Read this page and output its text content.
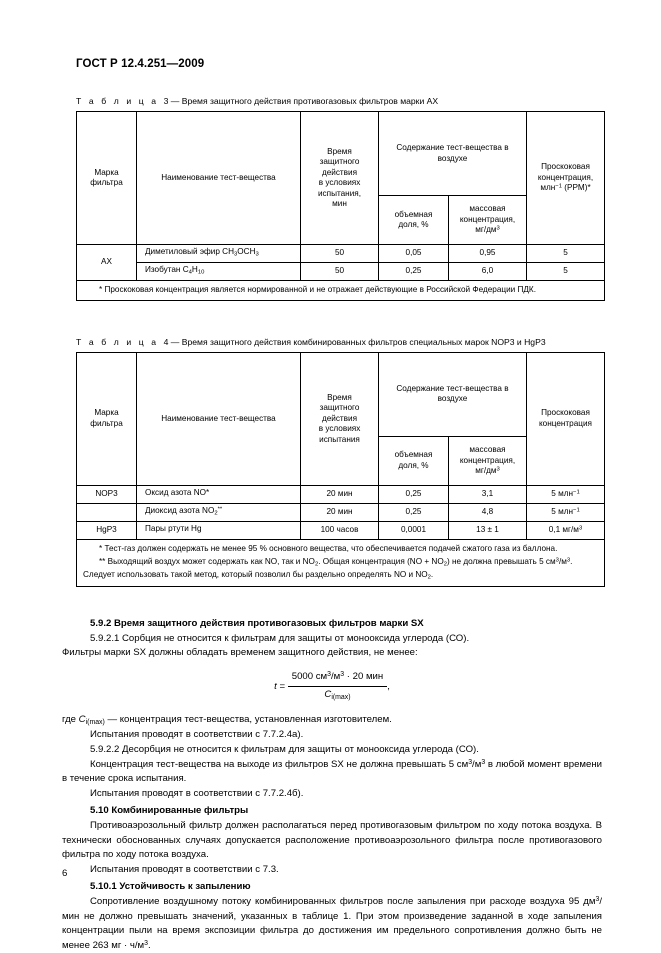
ГОСТ Р 12.4.251—2009
Т а б л и ц а 3 — Время защитного действия противогазовых фильтров марки АХ
Марка
фильтра	Наименование тест-вещества	Время
защитного
действия
в условиях
испытания,
мин	Содержание тест-вещества в воздухе	Проскоковая
концентрация,
млн$^{-1}$ (PPM)*
			объемная
доля, %	массовая
концентрация,
$мг/дм^3$
АХ	Диметиловый эфир $CH_3OCH_3$	50	0,05	0,95	5
	Изобутан $C_4H_{10}$	50	0,25	6,0	5
* Проскоковая концентрация является нормированной и не отражает действующие в Российской Федерации ПДК.					
Т а б л и ц а 4 — Время защитного действия комбинированных фильтров специальных марок NOP3 и HgP3
Марка
фильтра	Наименование тест-вещества	Время
защитного
действия
в условиях
испытания	Содержание тест-вещества в воздухе		Проскоковая
концентрация
			объемная
доля, %	массовая
концентрация,
$мг/дм^3$
NOP3	Оксид азота NO*	20 мин	0,25	3,1	5 млн$^{-1}$
	Диоксид азота $NO_2^{**}$	20 мин	0,25	4,8	5 млн$^{-1}$
HgP3	Пары ртути Hg	100 часов	0,0001	13 ± 1	0,1 $мг/м^3$

* Тест-газ должен содержать не менее 95 % основного вещества, что обеспечивается подачей сжатого газа из баллона.

** Выходящий воздух может содержать как NO, так и $NO_2$. Общая концентрация $(NO + NO_2)$ не должна превышать 5 $см^3/м^3$. Следует использовать такой метод, который позволил бы раздельно определять NO и $NO_2$.					

5.9.2 Время защитного действия противогазовых фильтров марки SX

5.9.2.1 Сорбция не относится к фильтрам для защиты от монооксида углерода (СО).

Фильтры марки SX должны обладать временем защитного действия, не менее:

$t = \frac{5000 см^3/м^3 \cdot 20 мин}{C_{i(max)}}$ ,

где $C_{i(max)}$ — концентрация тест-вещества, установленная изготовителем.

Испытания проводят в соответствии с 7.7.2.4а).

5.9.2.2 Десорбция не относится к фильтрам для защиты от монооксида углерода (СО).

Концентрация тест-вещества на выходе из фильтров SX не должна превышать 5 $см^3/м^3$ в любой момент времени в течение срока испытания.

Испытания проводят в соответствии с 7.7.2.4б).

5.10 Комбинированные фильтры

Противоаэрозольный фильтр должен располагаться перед противогазовым фильтром по ходу потока воздуха. В технически обоснованных случаях допускается расположение противоаэрозольного фильтра после противогазового фильтра по ходу потока воздуха.

Испытания проводят в соответствии с 7.3.

5.10.1 Устойчивость к запылению

Сопротивление воздушному потоку комбинированных фильтров после запыления при расходе воздуха 95 $дм^3$/мин не должно превышать значений, указанных в таблице 1. При этом произведение заданной в ходе запыления концентрации пыли на время экспозиции фильтра до достижения им предельного сопротивления должно быть не менее 263 мг · $ч/м^3$.

6
